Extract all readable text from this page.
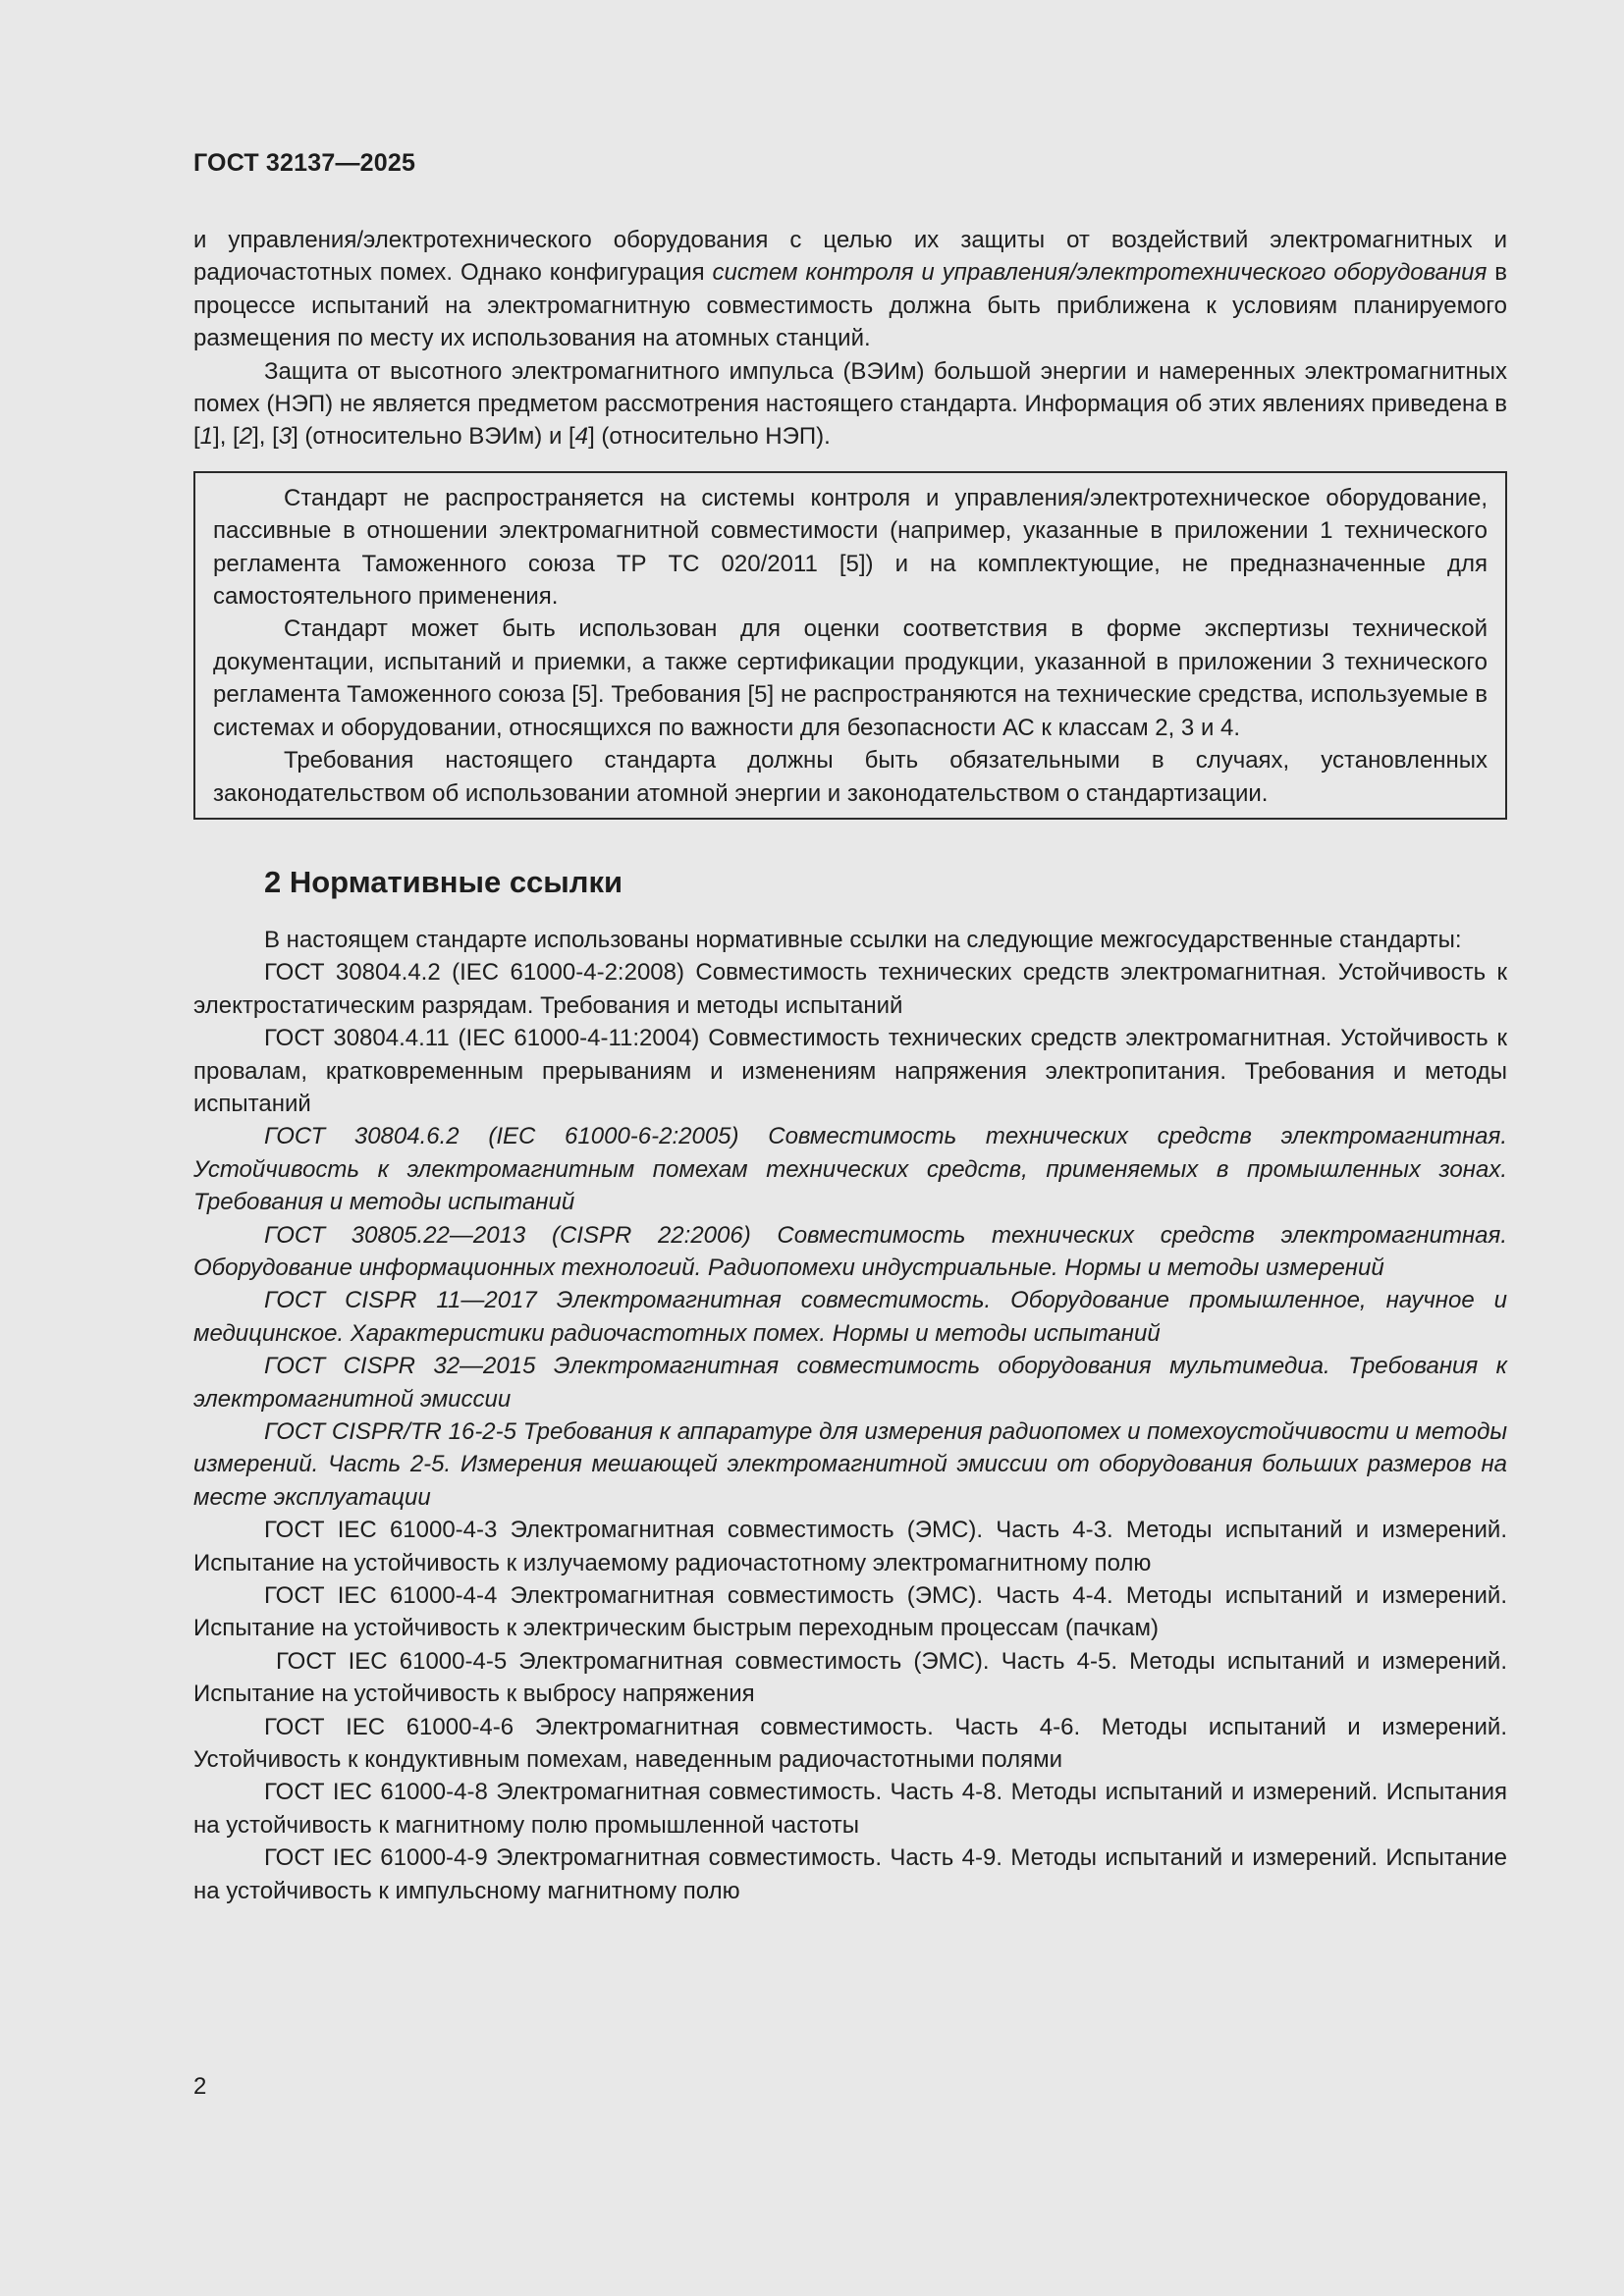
ГОСТ 32137—2025

и управления/электротехнического оборудования с целью их защиты от воздействий электромагнитных и радиочастотных помех. Однако конфигурация систем контроля и управления/электротехнического оборудования в процессе испытаний на электромагнитную совместимость должна быть приближена к условиям планируемого размещения по месту их использования на атомных станций.

Защита от высотного электромагнитного импульса (ВЭИм) большой энергии и намеренных электромагнитных помех (НЭП) не является предметом рассмотрения настоящего стандарта. Информация об этих явлениях приведена в [1], [2], [3] (относительно ВЭИм) и [4] (относительно НЭП).

Стандарт не распространяется на системы контроля и управления/электротехническое оборудование, пассивные в отношении электромагнитной совместимости (например, указанные в приложении 1 технического регламента Таможенного союза ТР ТС 020/2011 [5]) и на комплектующие, не предназначенные для самостоятельного применения.

Стандарт может быть использован для оценки соответствия в форме экспертизы технической документации, испытаний и приемки, а также сертификации продукции, указанной в приложении 3 технического регламента Таможенного союза [5]. Требования [5] не распространяются на технические средства, используемые в системах и оборудовании, относящихся по важности для безопасности АС к классам 2, 3 и 4.

Требования настоящего стандарта должны быть обязательными в случаях, установленных законодательством об использовании атомной энергии и законодательством о стандартизации.

2 Нормативные ссылки

В настоящем стандарте использованы нормативные ссылки на следующие межгосударственные стандарты:

ГОСТ 30804.4.2 (IEC 61000-4-2:2008) Совместимость технических средств электромагнитная. Устойчивость к электростатическим разрядам. Требования и методы испытаний

ГОСТ 30804.4.11 (IEC 61000-4-11:2004) Совместимость технических средств электромагнитная. Устойчивость к провалам, кратковременным прерываниям и изменениям напряжения электропитания. Требования и методы испытаний

ГОСТ 30804.6.2 (IEC 61000-6-2:2005) Совместимость технических средств электромагнитная. Устойчивость к электромагнитным помехам технических средств, применяемых в промышленных зонах. Требования и методы испытаний

ГОСТ 30805.22—2013 (CISPR 22:2006) Совместимость технических средств электромагнитная. Оборудование информационных технологий. Радиопомехи индустриальные. Нормы и методы измерений

ГОСТ CISPR 11—2017 Электромагнитная совместимость. Оборудование промышленное, научное и медицинское. Характеристики радиочастотных помех. Нормы и методы испытаний

ГОСТ CISPR 32—2015 Электромагнитная совместимость оборудования мультимедиа. Требования к электромагнитной эмиссии

ГОСТ CISPR/TR 16-2-5 Требования к аппаратуре для измерения радиопомех и помехоустойчивости и методы измерений. Часть 2-5. Измерения мешающей электромагнитной эмиссии от оборудования больших размеров на месте эксплуатации

ГОСТ IEC 61000-4-3 Электромагнитная совместимость (ЭМС). Часть 4-3. Методы испытаний и измерений. Испытание на устойчивость к излучаемому радиочастотному электромагнитному полю

ГОСТ IEC 61000-4-4 Электромагнитная совместимость (ЭМС). Часть 4-4. Методы испытаний и измерений. Испытание на устойчивость к электрическим быстрым переходным процессам (пачкам)

ГОСТ IEC 61000-4-5 Электромагнитная совместимость (ЭМС). Часть 4-5. Методы испытаний и измерений. Испытание на устойчивость к выбросу напряжения

ГОСТ IEC 61000-4-6 Электромагнитная совместимость. Часть 4-6. Методы испытаний и измерений. Устойчивость к кондуктивным помехам, наведенным радиочастотными полями

ГОСТ IEC 61000-4-8 Электромагнитная совместимость. Часть 4-8. Методы испытаний и измерений. Испытания на устойчивость к магнитному полю промышленной частоты

ГОСТ IEC 61000-4-9 Электромагнитная совместимость. Часть 4-9. Методы испытаний и измерений. Испытание на устойчивость к импульсному магнитному полю

2
